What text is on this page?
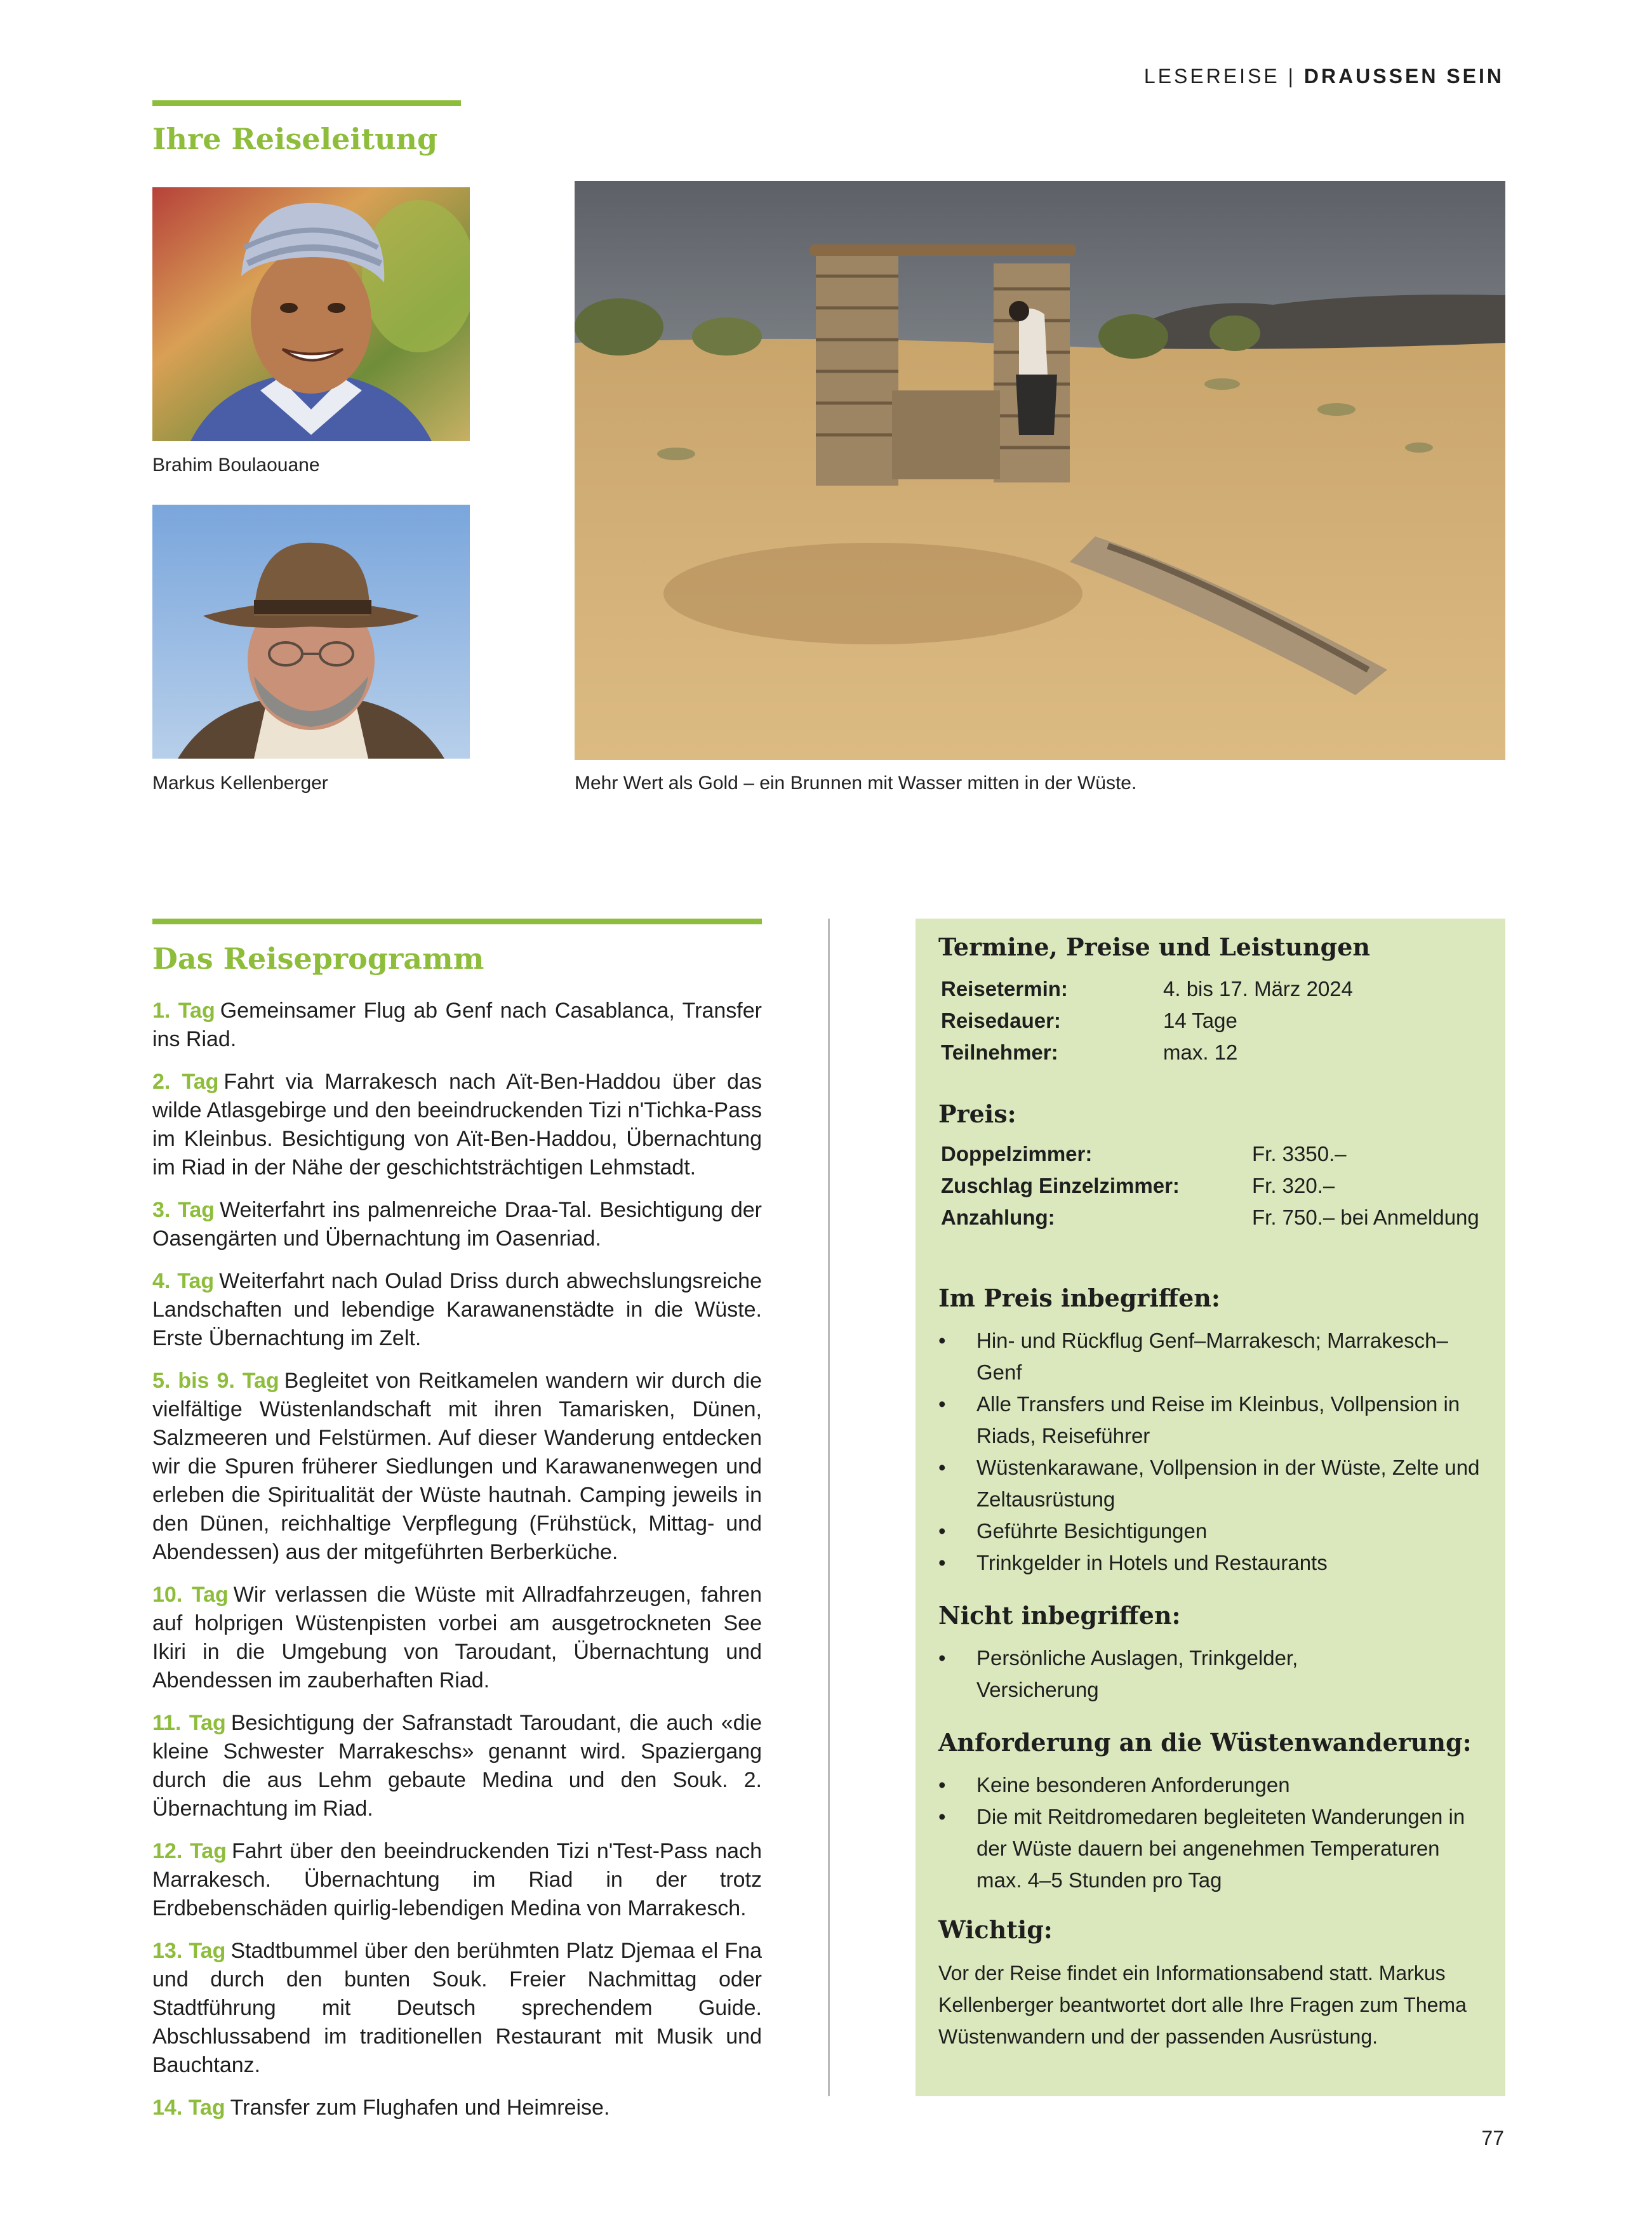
LESEREISE | DRAUSSEN SEIN
Ihre Reiseleitung
Brahim Boulaouane
Markus Kellenberger	Mehr Wert als Gold – ein Brunnen mit Wasser mitten in der Wüste.
Das Reiseprogramm

1. Tag Gemeinsamer Flug ab Genf nach Casablanca, Transfer ins Riad.

2. Tag Fahrt via Marrakesch nach Aït-Ben-Haddou über das wilde Atlasgebirge und den beeindruckenden Tizi n'Tichka-Pass im Kleinbus. Besichtigung von Aït-Ben-Haddou, Übernachtung im Riad in der Nähe der geschichtsträchtigen Lehmstadt.

3. Tag Weiterfahrt ins palmenreiche Draa-Tal. Besichtigung der Oasengärten und Übernachtung im Oasenriad.

4. Tag Weiterfahrt nach Oulad Driss durch abwechslungsreiche Landschaften und lebendige Karawanenstädte in die Wüste. Erste Übernachtung im Zelt.

5. bis 9. Tag Begleitet von Reitkamelen wandern wir durch die vielfältige Wüstenlandschaft mit ihren Tamarisken, Dünen, Salzmeeren und Felstürmen. Auf dieser Wanderung entdecken wir die Spuren früherer Siedlungen und Karawanenwegen und erleben die Spiritualität der Wüste hautnah. Camping jeweils in den Dünen, reichhaltige Verpflegung (Frühstück, Mittag- und Abendessen) aus der mitgeführten Berberküche.

10. Tag Wir verlassen die Wüste mit Allradfahrzeugen, fahren auf holprigen Wüstenpisten vorbei am ausgetrockneten See Ikiri in die Umgebung von Taroudant, Übernachtung und Abendessen im zauberhaften Riad.

11. Tag Besichtigung der Safranstadt Taroudant, die auch «die kleine Schwester Marrakeschs» genannt wird. Spaziergang durch die aus Lehm gebaute Medina und den Souk. 2. Übernachtung im Riad.

12. Tag Fahrt über den beeindruckenden Tizi n'Test-Pass nach Marrakesch. Übernachtung im Riad in der trotz Erdbebenschäden quirlig-lebendigen Medina von Marrakesch.

13. Tag Stadtbummel über den berühmten Platz Djemaa el Fna und durch den bunten Souk. Freier Nachmittag oder Stadtführung mit Deutsch sprechendem Guide. Abschlussabend im traditionellen Restaurant mit Musik und Bauchtanz.

14. Tag Transfer zum Flughafen und Heimreise.

Termine, Preise und Leistungen
Reisetermin:	4. bis 17. März 2024
Reisedauer:	14 Tage
Teilnehmer:	max. 12
Preis:
Doppelzimmer:	Fr. 3350.–
Zuschlag Einzelzimmer:	Fr. 320.–
Anzahlung:	Fr. 750.– bei Anmeldung
Im Preis inbegriffen:
• Hin- und Rückflug Genf–Marrakesch; Marrakesch–Genf
• Alle Transfers und Reise im Kleinbus, Vollpension in Riads, Reiseführer
• Wüstenkarawane, Vollpension in der Wüste, Zelte und Zeltausrüstung
• Geführte Besichtigungen
• Trinkgelder in Hotels und Restaurants
Nicht inbegriffen:
• Persönliche Auslagen, Trinkgelder, Versicherung
Anforderung an die Wüstenwanderung:
• Keine besonderen Anforderungen
• Die mit Reitdromedaren begleiteten Wanderungen in der Wüste dauern bei angenehmen Temperaturen max. 4–5 Stunden pro Tag
Wichtig:

Vor der Reise findet ein Informationsabend statt. Markus Kellenberger beantwortet dort alle Ihre Fragen zum Thema Wüstenwandern und der passenden Ausrüstung.

77
